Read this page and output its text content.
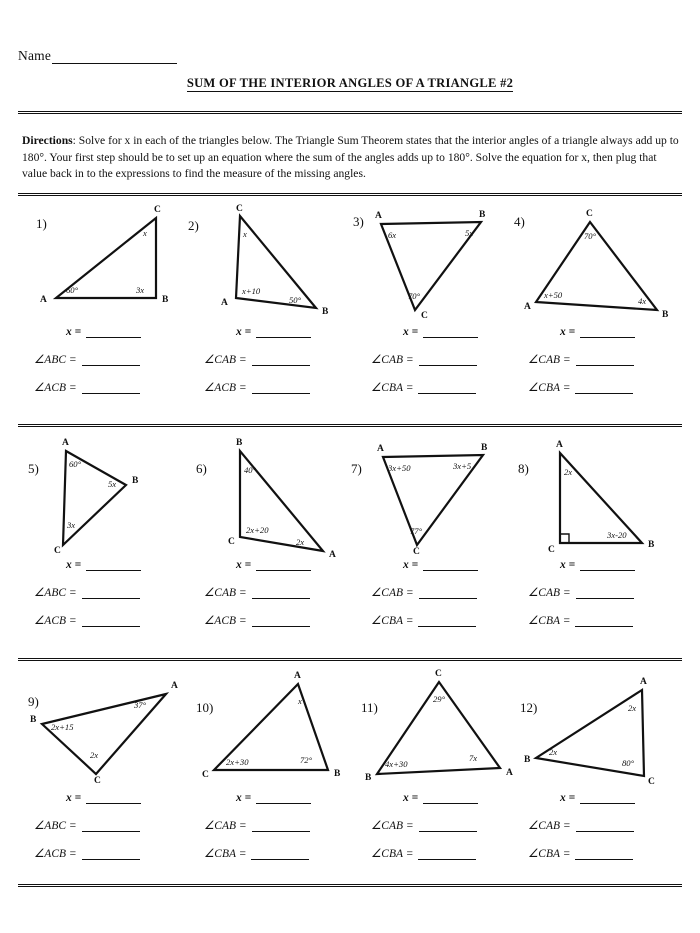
Name
SUM OF THE INTERIOR ANGLES OF A TRIANGLE #2
Directions: Solve for x in each of the triangles below. The Triangle Sum Theorem states that the interior angles of a triangle always add up to 180°. Your first step should be to set up an equation where the sum of the angles adds up to 180°. Solve the equation for x, then plug that value back in to the expressions to find the measure of the missing angles.
1)
A	B
C
60°	3x
x
x =
∠ABC =
∠ACB =
2)
C
A
B
x
x+10
50°
x =
∠CAB =
∠ACB =
3) A	B
C
6x	5x
70°
x =
∠CAB =
∠CBA =
4)	C
A
B
70°
x+50
4x
x =
∠CAB =
∠CBA =
5)
A
B
C
60°
5x
3x
x =
∠ABC =
∠ACB =
6)
B
C
A
40°
2x+20
2x
x =
∠CAB =
∠ACB =
7)
A	B
C
3x+50	3x+5
77°
x =
∠CAB =
∠CBA =
8)
A
C	B
2x
3x-20
x =
∠CAB =
∠CBA =
9)
A
B
C
37°
2x+15
2x
x =
∠ABC =
∠ACB =
10)
A
C	B
x
2x+30	72°
x =
∠CAB =
∠CBA =
11)
C
B	A
29°
4x+30
7x
x =
∠CAB =
∠CBA =
12)
A
B
C
2x
2x
80°
x =
∠CAB =
∠CBA =
